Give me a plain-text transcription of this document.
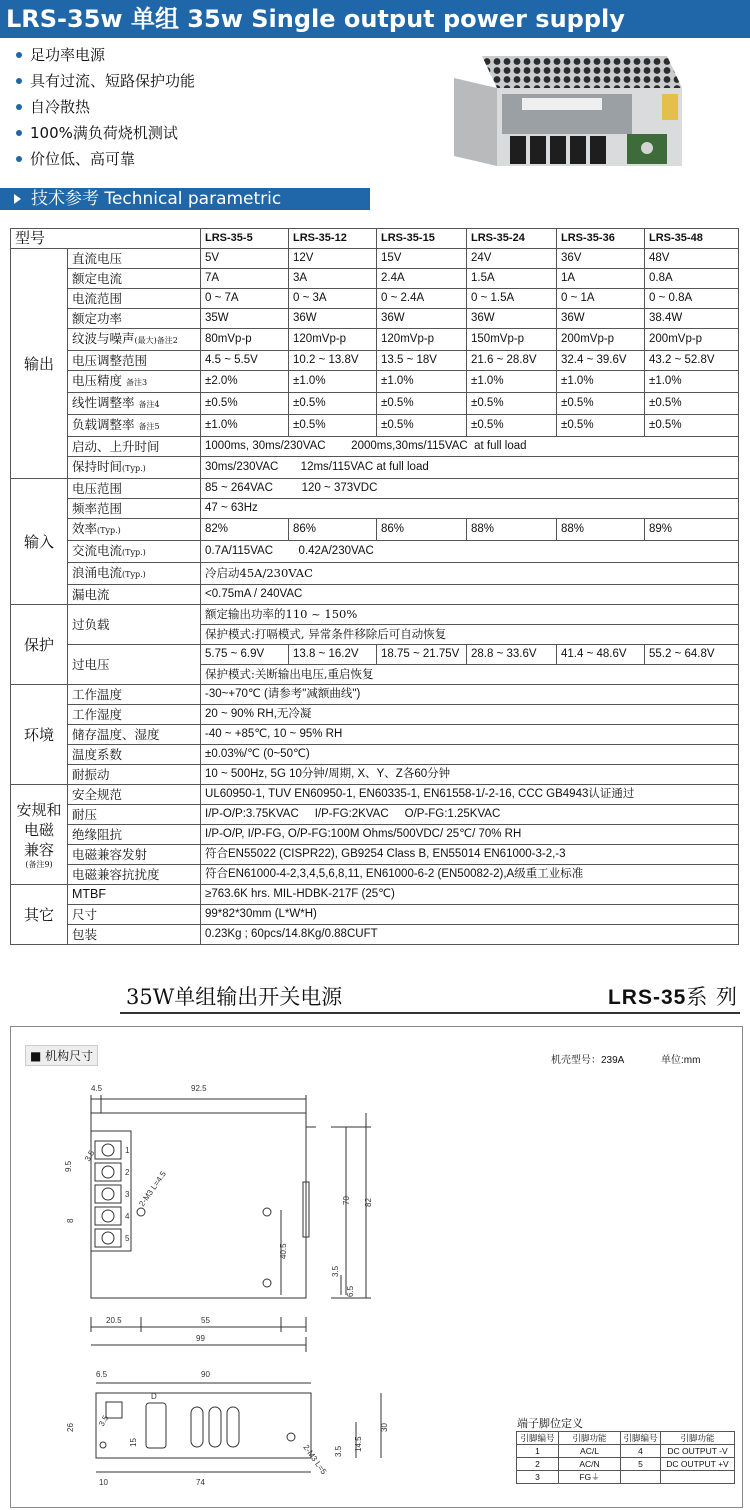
LRS-35w 单组 35w Single output power supply
足功率电源
具有过流、短路保护功能
自冷散热
100%满负荷烧机测试
价位低、高可靠
技术参考 Technical parametric
型号		LRS-35-5	LRS-35-12	LRS-35-15	LRS-35-24	LRS-35-36	LRS-35-48
输出	直流电压	5V	12V	15V	24V	36V	48V
	额定电流	7A	3A	2.4A	1.5A	1A	0.8A
	电流范围	0 ~ 7A	0 ~ 3A	0 ~ 2.4A	0 ~ 1.5A	0 ~ 1A	0 ~ 0.8A
	额定功率	35W	36W	36W	36W	36W	38.4W
	纹波与噪声(最大)备注2	80mVp-p	120mVp-p	120mVp-p	150mVp-p	200mVp-p	200mVp-p
	电压调整范围	4.5 ~ 5.5V	10.2 ~ 13.8V	13.5 ~ 18V	21.6 ~ 28.8V	32.4 ~ 39.6V	43.2 ~ 52.8V
	电压精度 备注3	±2.0%	±1.0%	±1.0%	±1.0%	±1.0%	±1.0%
	线性调整率 备注4	±0.5%	±0.5%	±0.5%	±0.5%	±0.5%	±0.5%
	负载调整率 备注5	±1.0%	±0.5%	±0.5%	±0.5%	±0.5%	±0.5%
	启动、上升时间	1000ms, 30ms/230VAC        2000ms,30ms/115VAC  at full load					
	保持时间(Typ.)	30ms/230VAC       12ms/115VAC at full load					
输入	电压范围	85 ~ 264VAC         120 ~ 373VDC					
	频率范围	47 ~ 63Hz					
	效率(Typ.)	82%	86%	86%	88%	88%	89%
	交流电流(Typ.)	0.7A/115VAC        0.42A/230VAC					
	浪涌电流(Typ.)	冷启动45A/230VAC					
	漏电流	<0.75mA / 240VAC					
保护	过负载	额定输出功率的110 ~ 150%					
		保护模式:打嗝模式, 异常条件移除后可自动恢复					
	过电压	5.75 ~ 6.9V	13.8 ~ 16.2V	18.75 ~ 21.75V	28.8 ~ 33.6V	41.4 ~ 48.6V	55.2 ~ 64.8V
		保护模式:关断输出电压,重启恢复					
环境	工作温度	-30~+70℃ (请参考"减额曲线")					
	工作湿度	20 ~ 90% RH,无冷凝					
	储存温度、湿度	-40 ~ +85℃, 10 ~ 95% RH					
	温度系数	±0.03%/℃ (0~50℃)					
	耐振动	10 ~ 500Hz, 5G 10分钟/周期, X、Y、Z各60分钟					

安规和
电磁
兼容
(备注9)	安全规范	UL60950-1, TUV EN60950-1, EN60335-1, EN61558-1/-2-16, CCC GB4943认证通过					
	耐压	I/P-O/P:3.75KVAC     I/P-FG:2KVAC     O/P-FG:1.25KVAC					
	绝缘阻抗	I/P-O/P, I/P-FG, O/P-FG:100M Ohms/500VDC/ 25℃/ 70% RH					
	电磁兼容发射	符合EN55022 (CISPR22), GB9254 Class B, EN55014 EN61000-3-2,-3					
	电磁兼容抗扰度	符合EN61000-4-2,3,4,5,6,8,11, EN61000-6-2 (EN50082-2),A级重工业标准					
其它	MTBF	≥763.6K hrs. MIL-HDBK-217F (25℃)					
	尺寸	99*82*30mm (L*W*H)					
	包装	0.23Kg ; 60pcs/14.8Kg/0.88CUFT					
35W单组输出开关电源	LRS-35系 列
■ 机构尺寸	机壳型号：239A	单位:mm
1
2
3
4
5
4.5	92.5
9.5
8
70 82
40.5
3.5
6.5
20.5	55
99
2-M3 L=4.5
3.5
6.5	90
26
15
3.5 14.5
30
10	74
2-M3 L=5
3.5
D
端子脚位定义
引脚编号	引脚功能	引脚编号	引脚功能
1	AC/L	4	DC OUTPUT -V
2	AC/N	5	DC OUTPUT +V
3	FG⏚		
